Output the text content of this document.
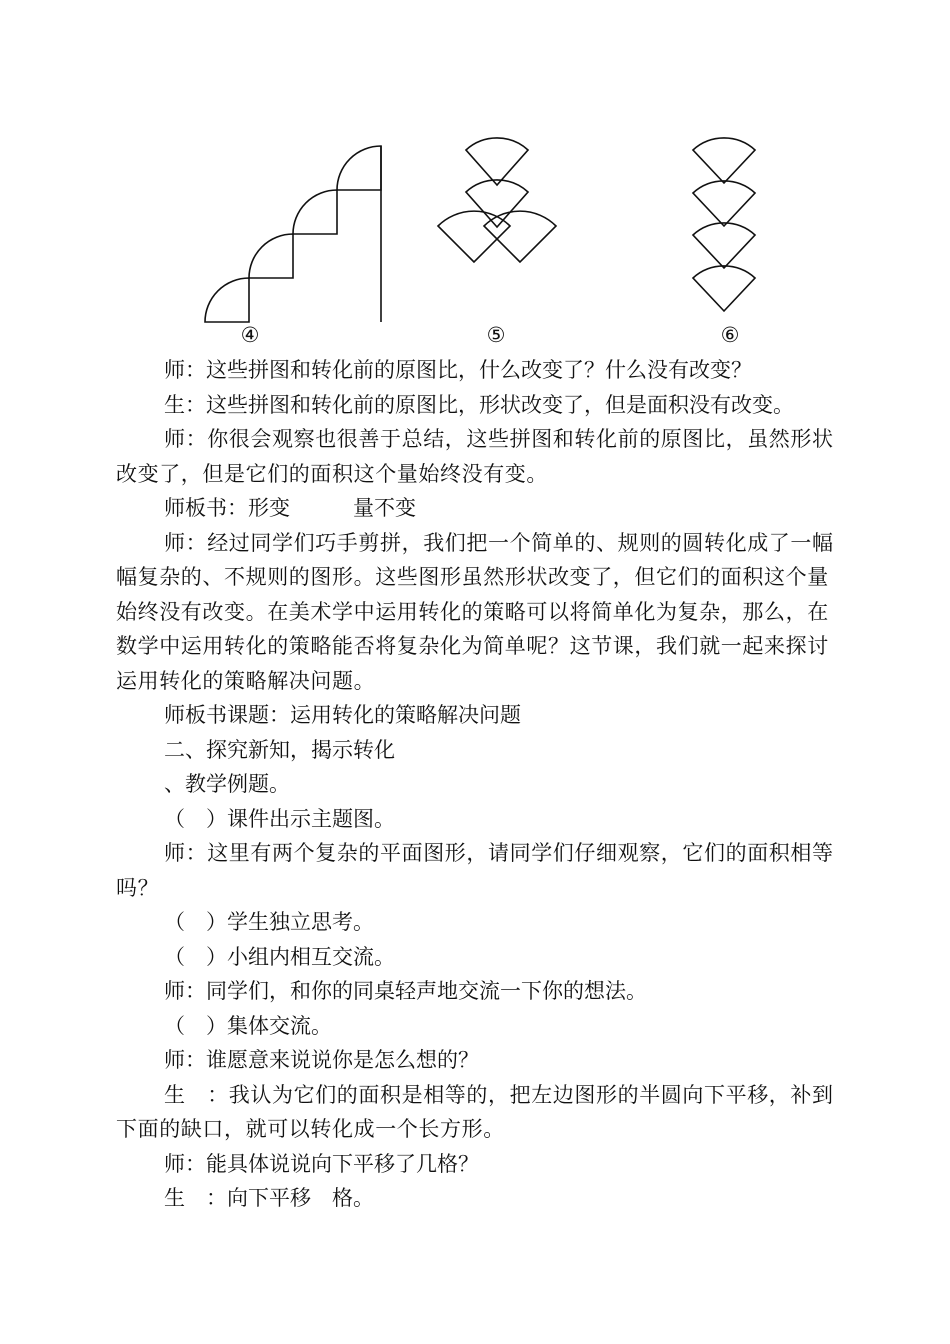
④	⑤	⑥

师：这些拼图和转化前的原图比，什么改变了？什么没有改变？

生：这些拼图和转化前的原图比，形状改变了，但是面积没有改变。

师：你很会观察也很善于总结，这些拼图和转化前的原图比，虽然形状改变了，但是它们的面积这个量始终没有变。

师板书：形变　　　量不变

师：经过同学们巧手剪拼，我们把一个简单的、规则的圆转化成了一幅幅复杂的、不规则的图形。这些图形虽然形状改变了，但它们的面积这个量始终没有改变。在美术学中运用转化的策略可以将简单化为复杂，那么，在数学中运用转化的策略能否将复杂化为简单呢？这节课，我们就一起来探讨运用转化的策略解决问题。

师板书课题：运用转化的策略解决问题

二、探究新知，揭示转化

、教学例题。

（　）课件出示主题图。

师：这里有两个复杂的平面图形，请同学们仔细观察，它们的面积相等吗？

（　）学生独立思考。

（　）小组内相互交流。

师：同学们，和你的同桌轻声地交流一下你的想法。

（　）集体交流。

师：谁愿意来说说你是怎么想的？

生　：我认为它们的面积是相等的，把左边图形的半圆向下平移，补到下面的缺口，就可以转化成一个长方形。

师：能具体说说向下平移了几格？

生　：向下平移　格。
